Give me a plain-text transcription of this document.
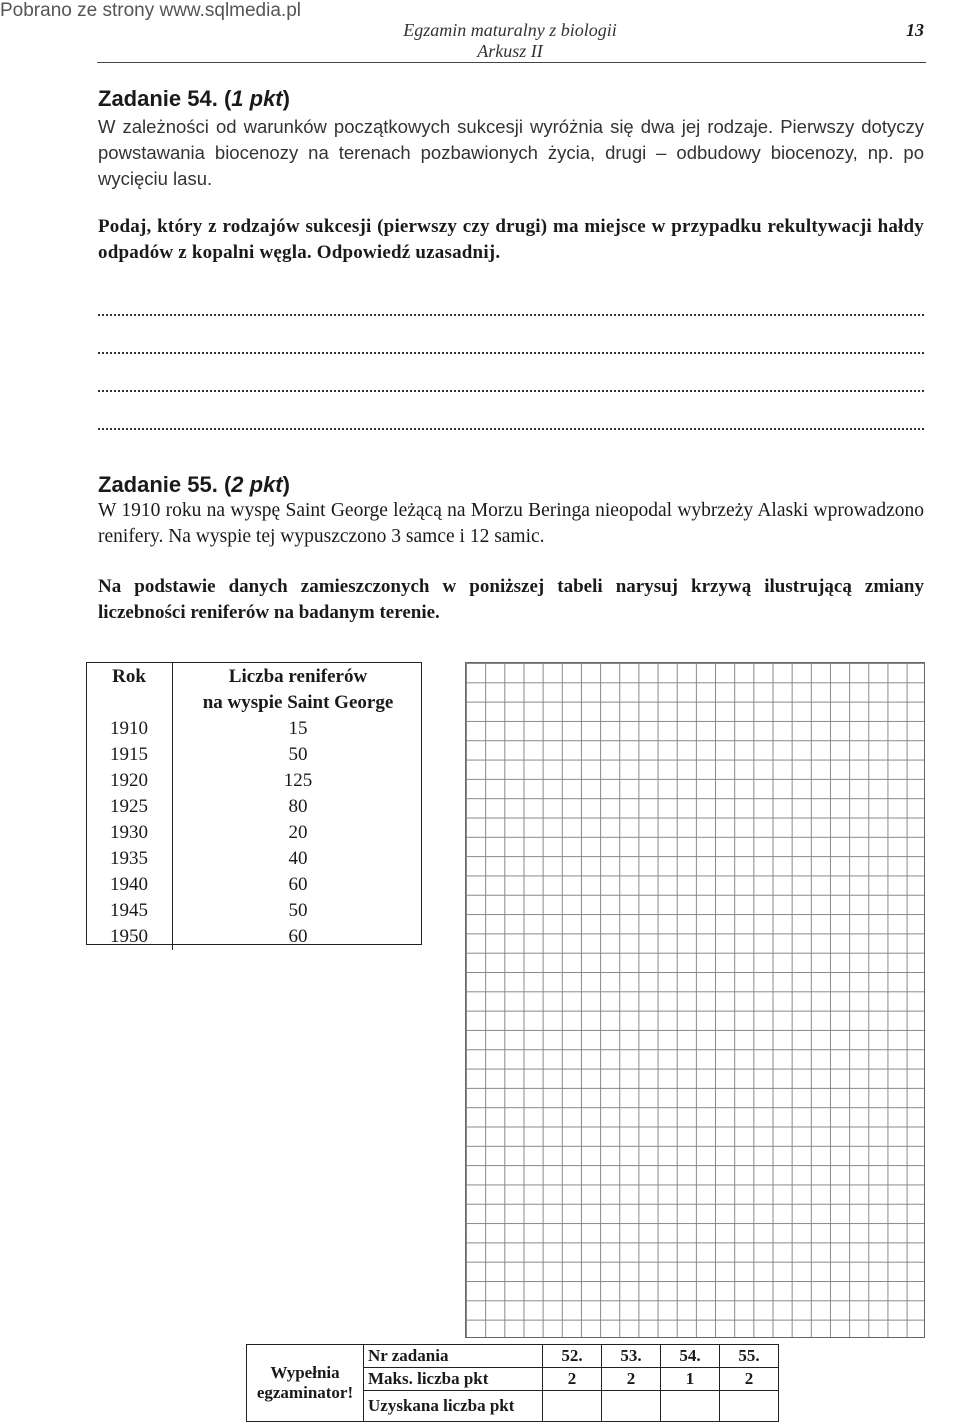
Pobrano ze strony www.sqlmedia.pl
Egzamin maturalny z biologii
Arkusz II
13
Zadanie 54. (1 pkt)
W zależności od warunków początkowych sukcesji wyróżnia się dwa jej rodzaje. Pierwszy dotyczy powstawania biocenozy na terenach pozbawionych życia, drugi – odbudowy biocenozy, np. po wycięciu lasu.
Podaj, który z rodzajów sukcesji (pierwszy czy drugi) ma miejsce w przypadku rekultywacji hałdy odpadów z kopalni węgla. Odpowiedź uzasadnij.
Zadanie 55. (2 pkt)
W 1910 roku na wyspę Saint George leżącą na Morzu Beringa nieopodal wybrzeży Alaski wprowadzono renifery. Na wyspie tej wypuszczono 3 samce i 12 samic.
Na podstawie danych zamieszczonych w poniższej tabeli narysuj krzywą ilustrującą zmiany liczebności reniferów na badanym terenie.
Rok	Liczba reniferów
na wyspie Saint George
1910	15
1915	50
1920	125
1925	80
1930	20
1935	40
1940	60
1945	50
1950	60
Wypełnia
egzaminator!	Nr zadania	52.	53.	54.	55.
	Maks. liczba pkt	2	2	1	2
	Uzyskana liczba pkt				
